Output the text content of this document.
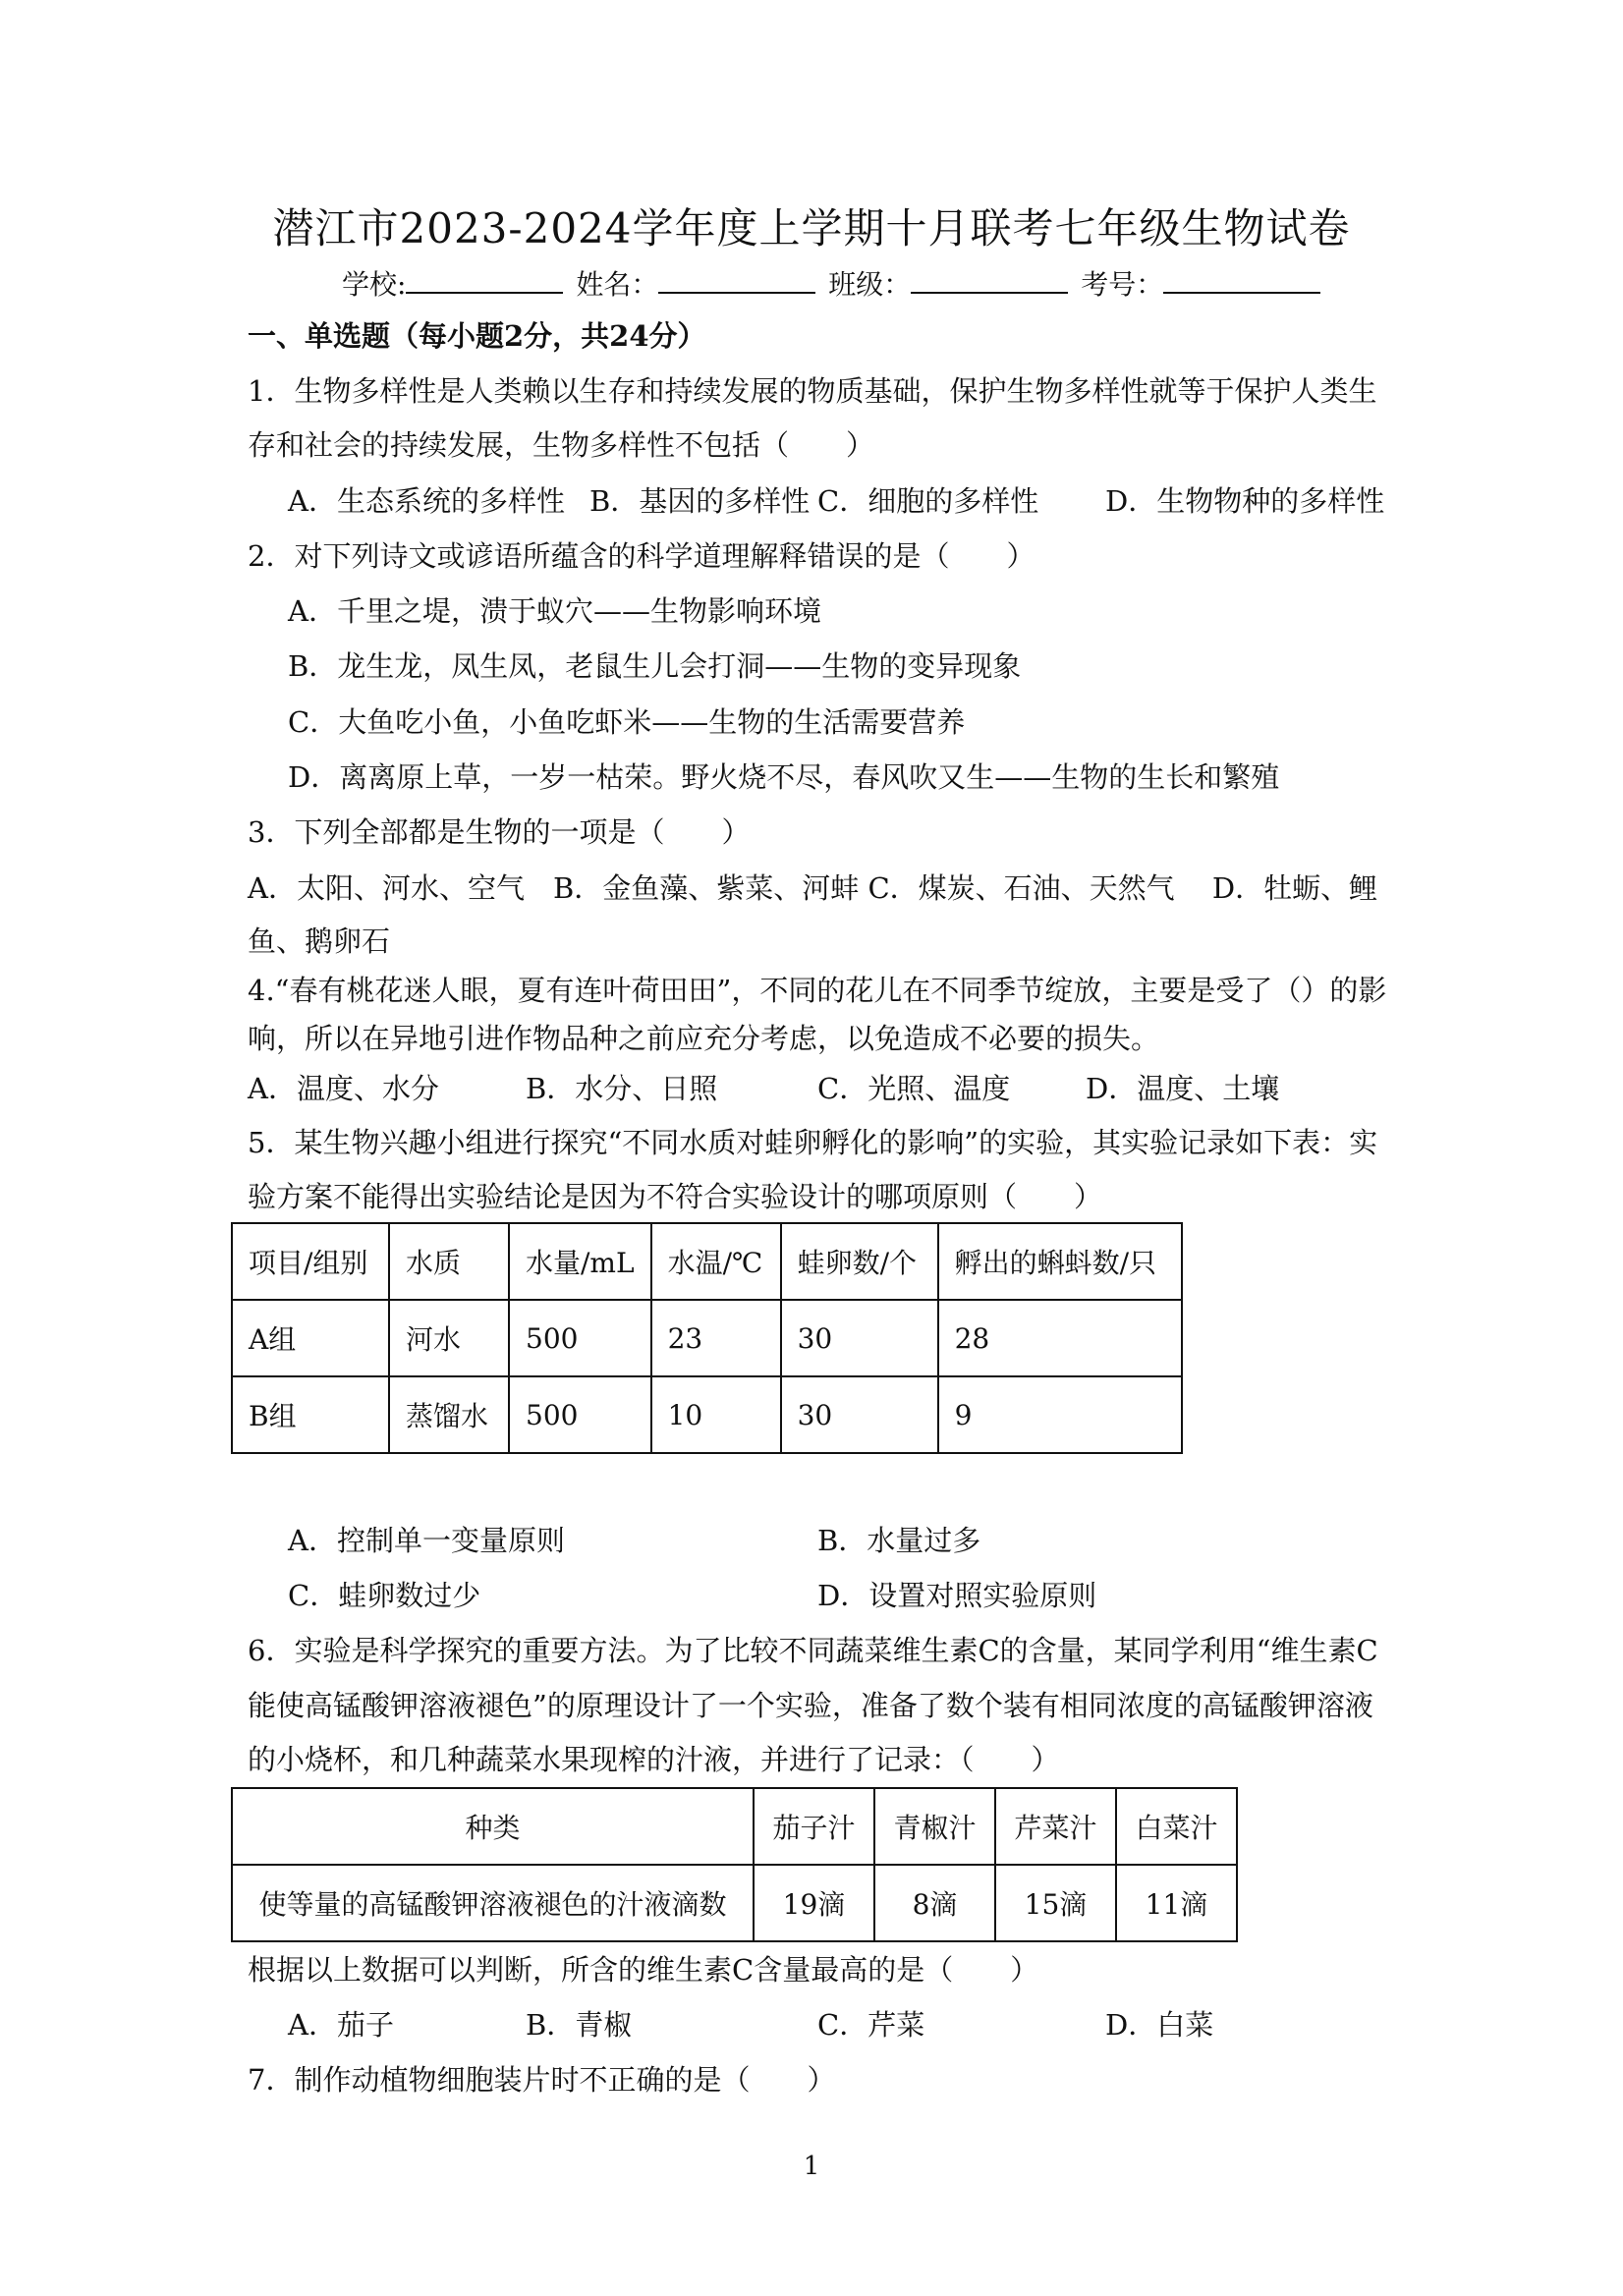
潜江市2023-2024学年度上学期十月联考七年级生物试卷
学校:	姓名：	班级：	考号：
一、单选题（每小题2分，共24分）
1．生物多样性是人类赖以生存和持续发展的物质基础，保护生物多样性就等于保护人类生
存和社会的持续发展，生物多样性不包括（　　）
A．生态系统的多样性 B．基因的多样性 C．细胞的多样性 D．生物物种的多样性
2．对下列诗文或谚语所蕴含的科学道理解释错误的是（　　）
A．千里之堤，溃于蚁穴——生物影响环境
B．龙生龙，凤生凤，老鼠生儿会打洞——生物的变异现象
C．大鱼吃小鱼，小鱼吃虾米——生物的生活需要营养
D．离离原上草，一岁一枯荣。野火烧不尽，春风吹又生——生物的生长和繁殖
3．下列全部都是生物的一项是（　　）
A．太阳、河水、空气　B．金鱼藻、紫菜、河蚌 C．煤炭、石油、天然气　 D．牡蛎、鲤
鱼、鹅卵石
4.“春有桃花迷人眼，夏有连叶荷田田”，不同的花儿在不同季节绽放，主要是受了（）的影
响，所以在异地引进作物品种之前应充分考虑，以免造成不必要的损失。
A．温度、水分	B．水分、日照	C．光照、温度	D．温度、土壤
5．某生物兴趣小组进行探究“不同水质对蛙卵孵化的影响”的实验，其实验记录如下表：实
验方案不能得出实验结论是因为不符合实验设计的哪项原则（　　）
项目/组别	水质	水量/mL	水温/℃	蛙卵数/个	孵出的蝌蚪数/只
A组	河水	500	23	30	28
B组	蒸馏水	500	10	30	9
A．控制单一变量原则	B．水量过多
C．蛙卵数过少	D．设置对照实验原则
6．实验是科学探究的重要方法。为了比较不同蔬菜维生素C的含量，某同学利用“维生素C
能使高锰酸钾溶液褪色”的原理设计了一个实验，准备了数个装有相同浓度的高锰酸钾溶液
的小烧杯，和几种蔬菜水果现榨的汁液，并进行了记录：（　　）
种类	茄子汁	青椒汁	芹菜汁	白菜汁
使等量的高锰酸钾溶液褪色的汁液滴数	19滴	8滴	15滴	11滴
根据以上数据可以判断，所含的维生素C含量最高的是（　　）
A．茄子	B．青椒	C．芹菜	D．白菜
7．制作动植物细胞装片时不正确的是（　　）
1
